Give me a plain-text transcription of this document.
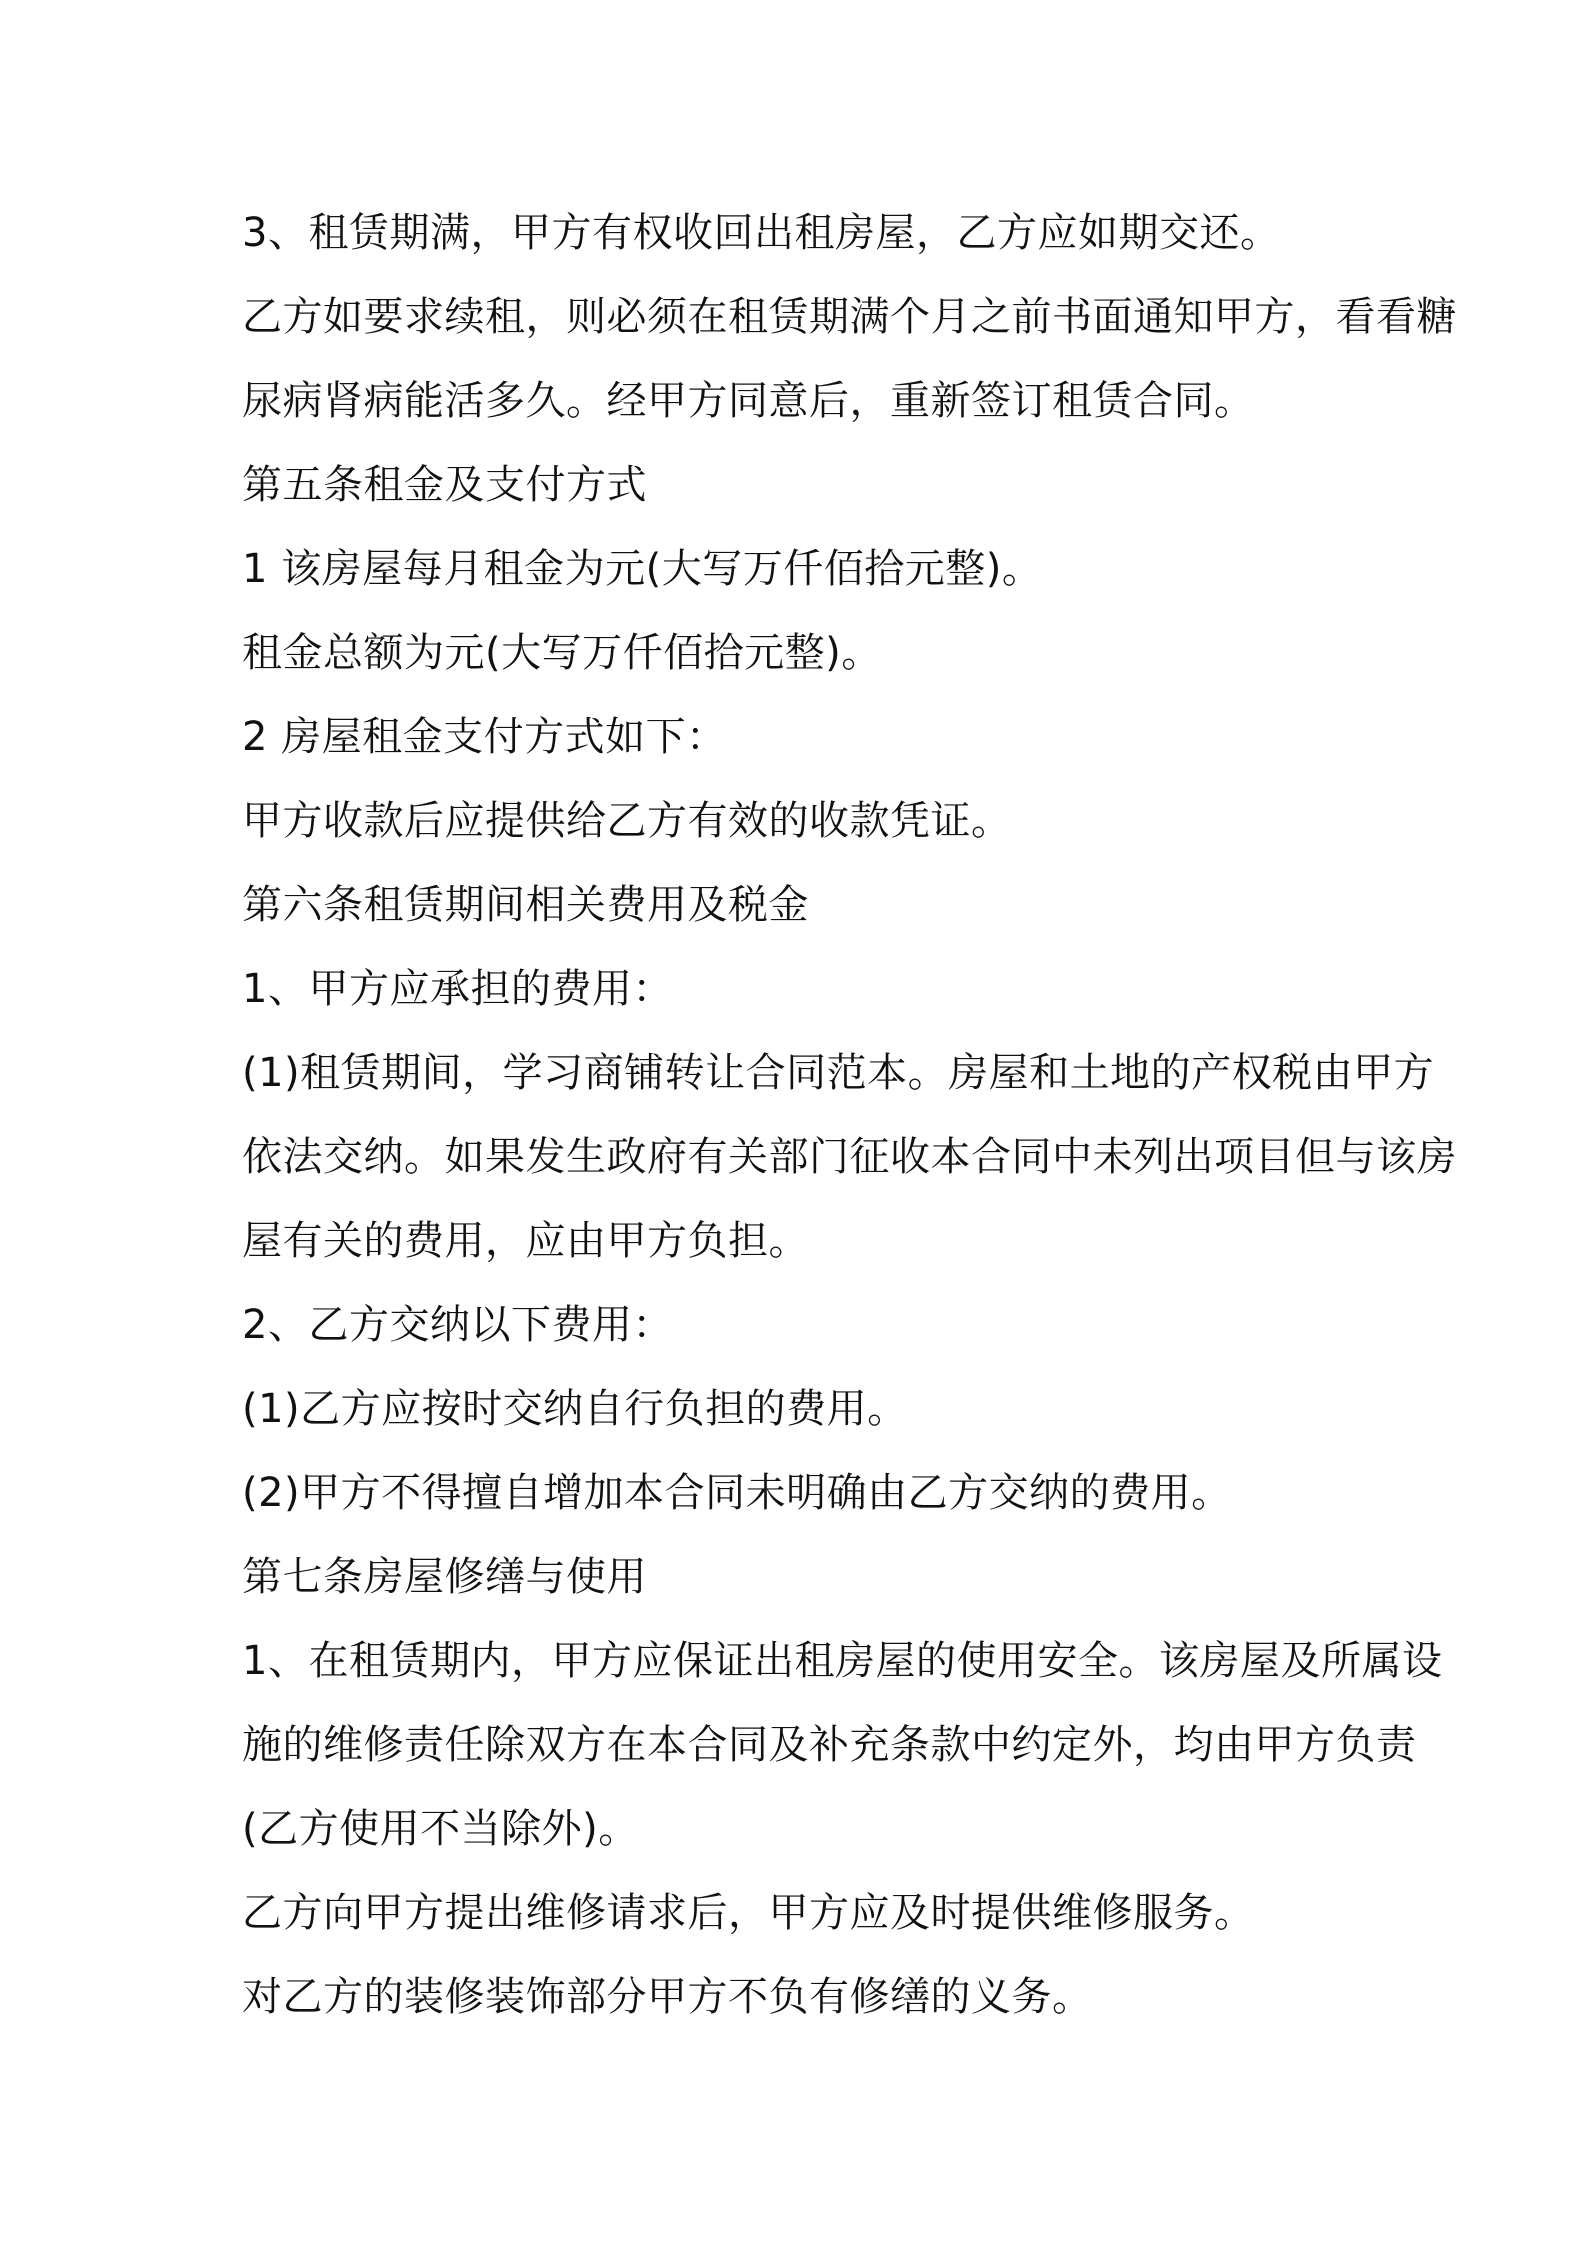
3、租赁期满，甲方有权收回出租房屋，乙方应如期交还。
乙方如要求续租，则必须在租赁期满个月之前书面通知甲方，看看糖
尿病肾病能活多久。经甲方同意后，重新签订租赁合同。
第五条租金及支付方式
1 该房屋每月租金为元(大写万仟佰拾元整)。
租金总额为元(大写万仟佰拾元整)。
2 房屋租金支付方式如下：
甲方收款后应提供给乙方有效的收款凭证。
第六条租赁期间相关费用及税金
1、甲方应承担的费用：
(1)租赁期间，学习商铺转让合同范本。房屋和土地的产权税由甲方
依法交纳。如果发生政府有关部门征收本合同中未列出项目但与该房
屋有关的费用，应由甲方负担。
2、乙方交纳以下费用：
(1)乙方应按时交纳自行负担的费用。
(2)甲方不得擅自增加本合同未明确由乙方交纳的费用。
第七条房屋修缮与使用
1、在租赁期内，甲方应保证出租房屋的使用安全。该房屋及所属设
施的维修责任除双方在本合同及补充条款中约定外，均由甲方负责
(乙方使用不当除外)。
乙方向甲方提出维修请求后，甲方应及时提供维修服务。
对乙方的装修装饰部分甲方不负有修缮的义务。
